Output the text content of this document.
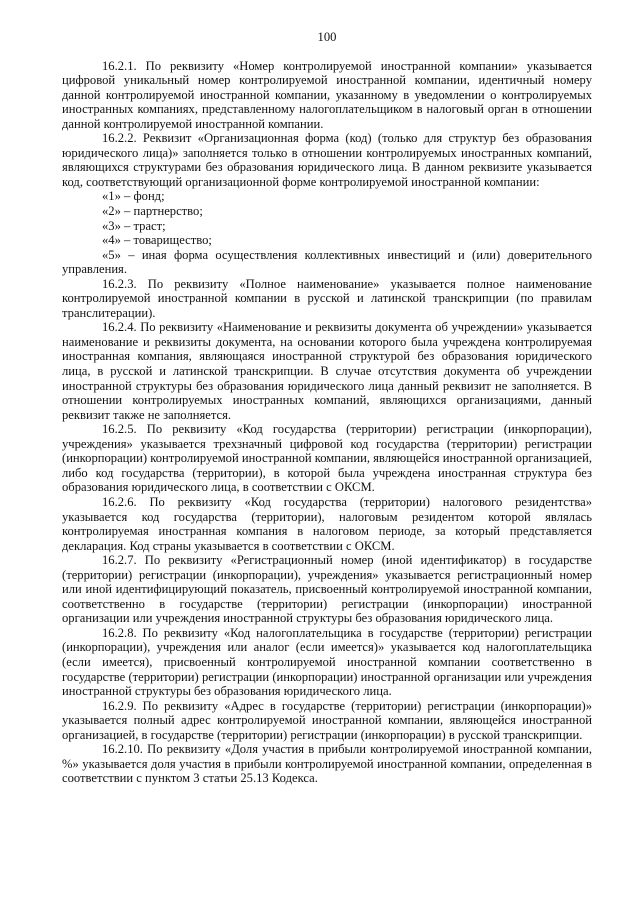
100

16.2.1. По реквизиту «Номер контролируемой иностранной компании» указывается цифровой уникальный номер контролируемой иностранной компании, идентичный номеру данной контролируемой иностранной компании, указанному в уведомлении о контролируемых иностранных компаниях, представленному налогоплательщиком в налоговый орган в отношении данной контролируемой иностранной компании.

16.2.2. Реквизит «Организационная форма (код) (только для структур без образования юридического лица)» заполняется только в отношении контролируемых иностранных компаний, являющихся структурами без образования юридического лица. В данном реквизите указывается код, соответствующий организационной форме контролируемой иностранной компании:

«1» – фонд;

«2» – партнерство;

«3» – траст;

«4» – товарищество;

«5» – иная форма осуществления коллективных инвестиций и (или) доверительного управления.

16.2.3. По реквизиту «Полное наименование» указывается полное наименование контролируемой иностранной компании в русской и латинской транскрипции (по правилам транслитерации).

16.2.4. По реквизиту «Наименование и реквизиты документа об учреждении» указывается наименование и реквизиты документа, на основании которого была учреждена контролируемая иностранная компания, являющаяся иностранной структурой без образования юридического лица, в русской и латинской транскрипции. В случае отсутствия документа об учреждении иностранной структуры без образования юридического лица данный реквизит не заполняется. В отношении контролируемых иностранных компаний, являющихся организациями, данный реквизит также не заполняется.

16.2.5. По реквизиту «Код государства (территории) регистрации (инкорпорации), учреждения» указывается трехзначный цифровой код государства (территории) регистрации (инкорпорации) контролируемой иностранной компании, являющейся иностранной организацией, либо код государства (территории), в которой была учреждена иностранная структура без образования юридического лица, в соответствии с ОКСМ.

16.2.6. По реквизиту «Код государства (территории) налогового резидентства» указывается код государства (территории), налоговым резидентом которой являлась контролируемая иностранная компания в налоговом периоде, за который представляется декларация. Код страны указывается в соответствии с ОКСМ.

16.2.7. По реквизиту «Регистрационный номер (иной идентификатор) в государстве (территории) регистрации (инкорпорации), учреждения» указывается регистрационный номер или иной идентифицирующий показатель, присвоенный контролируемой иностранной компании, соответственно в государстве (территории) регистрации (инкорпорации) иностранной организации или учреждения иностранной структуры без образования юридического лица.

16.2.8. По реквизиту «Код налогоплательщика в государстве (территории) регистрации (инкорпорации), учреждения или аналог (если имеется)» указывается код налогоплательщика (если имеется), присвоенный контролируемой иностранной компании соответственно в государстве (территории) регистрации (инкорпорации) иностранной организации или учреждения иностранной структуры без образования юридического лица.

16.2.9. По реквизиту «Адрес в государстве (территории) регистрации (инкорпорации)» указывается полный адрес контролируемой иностранной компании, являющейся иностранной организацией, в государстве (территории) регистрации (инкорпорации) в русской транскрипции.

16.2.10. По реквизиту «Доля участия в прибыли контролируемой иностранной компании, %» указывается доля участия в прибыли контролируемой иностранной компании, определенная в соответствии с пунктом 3 статьи 25.13 Кодекса.
